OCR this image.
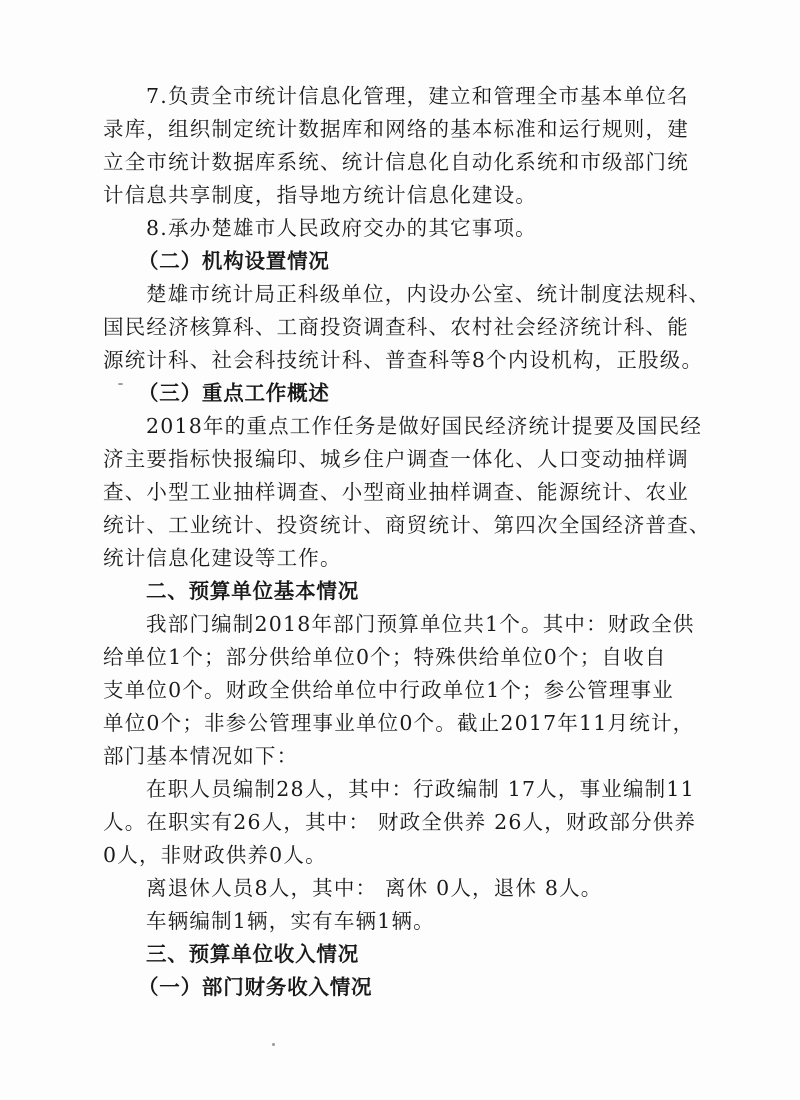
7.负责全市统计信息化管理，建立和管理全市基本单位名
录库，组织制定统计数据库和网络的基本标准和运行规则，建
立全市统计数据库系统、统计信息化自动化系统和市级部门统
计信息共享制度，指导地方统计信息化建设。
8.承办楚雄市人民政府交办的其它事项。
（二）机构设置情况
楚雄市统计局正科级单位，内设办公室、统计制度法规科、
国民经济核算科、工商投资调查科、农村社会经济统计科、能
源统计科、社会科技统计科、普查科等8个内设机构，正股级。
（三）重点工作概述
2018年的重点工作任务是做好国民经济统计提要及国民经
济主要指标快报编印、城乡住户调查一体化、人口变动抽样调
查、小型工业抽样调查、小型商业抽样调查、能源统计、农业
统计、工业统计、投资统计、商贸统计、第四次全国经济普查、
统计信息化建设等工作。
二、预算单位基本情况
我部门编制2018年部门预算单位共1个。其中：财政全供
给单位1个；部分供给单位0个；特殊供给单位0个；自收自
支单位0个。财政全供给单位中行政单位1个；参公管理事业
单位0个；非参公管理事业单位0个。截止2017年11月统计，
部门基本情况如下：
在职人员编制28人，其中：行政编制 17人，事业编制11
人。在职实有26人，其中： 财政全供养 26人，财政部分供养
0人，非财政供养0人。
离退休人员8人，其中： 离休 0人，退休 8人。
车辆编制1辆，实有车辆1辆。
三、预算单位收入情况
（一）部门财务收入情况
